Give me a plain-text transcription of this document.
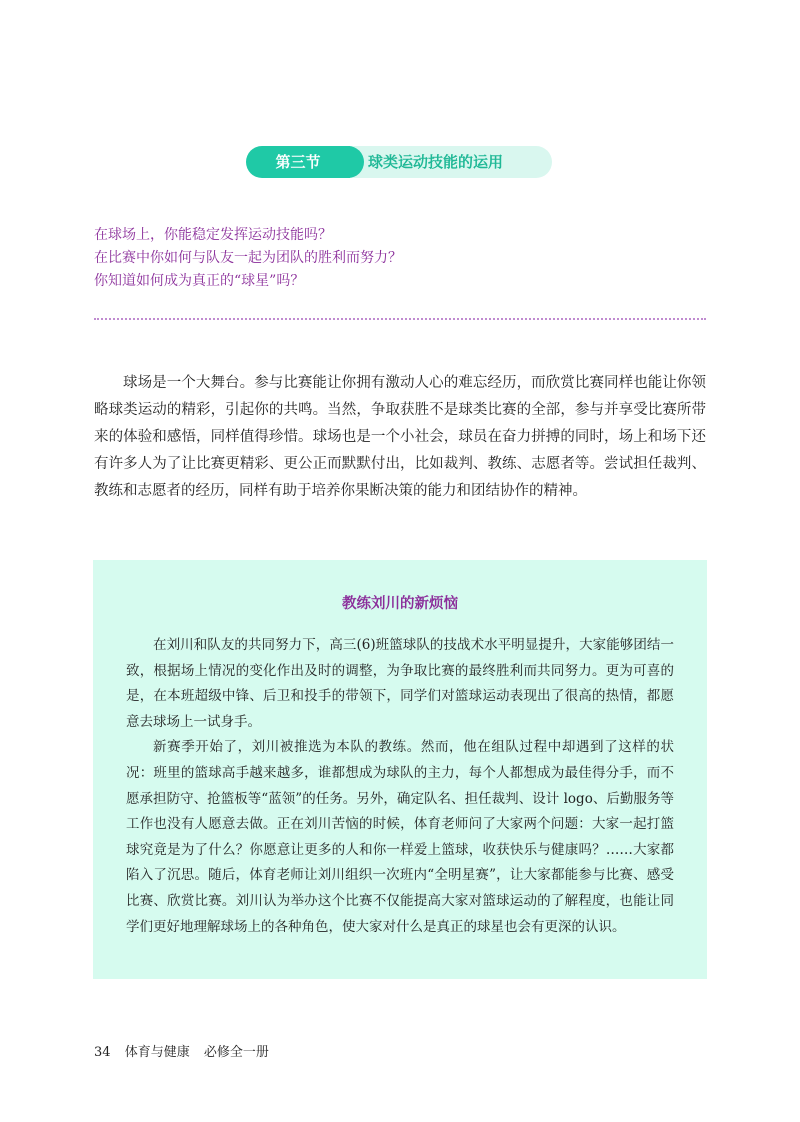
第三节	球类运动技能的运用
在球场上，你能稳定发挥运动技能吗？
在比赛中你如何与队友一起为团队的胜利而努力？
你知道如何成为真正的“球星”吗？
球场是一个大舞台。参与比赛能让你拥有激动人心的难忘经历，而欣赏比赛同样也能让你领略球类运动的精彩，引起你的共鸣。当然，争取获胜不是球类比赛的全部，参与并享受比赛所带来的体验和感悟，同样值得珍惜。球场也是一个小社会，球员在奋力拼搏的同时，场上和场下还有许多人为了让比赛更精彩、更公正而默默付出，比如裁判、教练、志愿者等。尝试担任裁判、教练和志愿者的经历，同样有助于培养你果断决策的能力和团结协作的精神。
教练刘川的新烦恼

在刘川和队友的共同努力下，高三(6)班篮球队的技战术水平明显提升，大家能够团结一致，根据场上情况的变化作出及时的调整，为争取比赛的最终胜利而共同努力。更为可喜的是，在本班超级中锋、后卫和投手的带领下，同学们对篮球运动表现出了很高的热情，都愿意去球场上一试身手。

新赛季开始了，刘川被推选为本队的教练。然而，他在组队过程中却遇到了这样的状况：班里的篮球高手越来越多，谁都想成为球队的主力，每个人都想成为最佳得分手，而不愿承担防守、抢篮板等“蓝领”的任务。另外，确定队名、担任裁判、设计 logo、后勤服务等工作也没有人愿意去做。正在刘川苦恼的时候，体育老师问了大家两个问题：大家一起打篮球究竟是为了什么？你愿意让更多的人和你一样爱上篮球，收获快乐与健康吗？……大家都陷入了沉思。随后，体育老师让刘川组织一次班内“全明星赛”，让大家都能参与比赛、感受比赛、欣赏比赛。刘川认为举办这个比赛不仅能提高大家对篮球运动的了解程度，也能让同学们更好地理解球场上的各种角色，使大家对什么是真正的球星也会有更深的认识。

34 体育与健康 必修全一册
